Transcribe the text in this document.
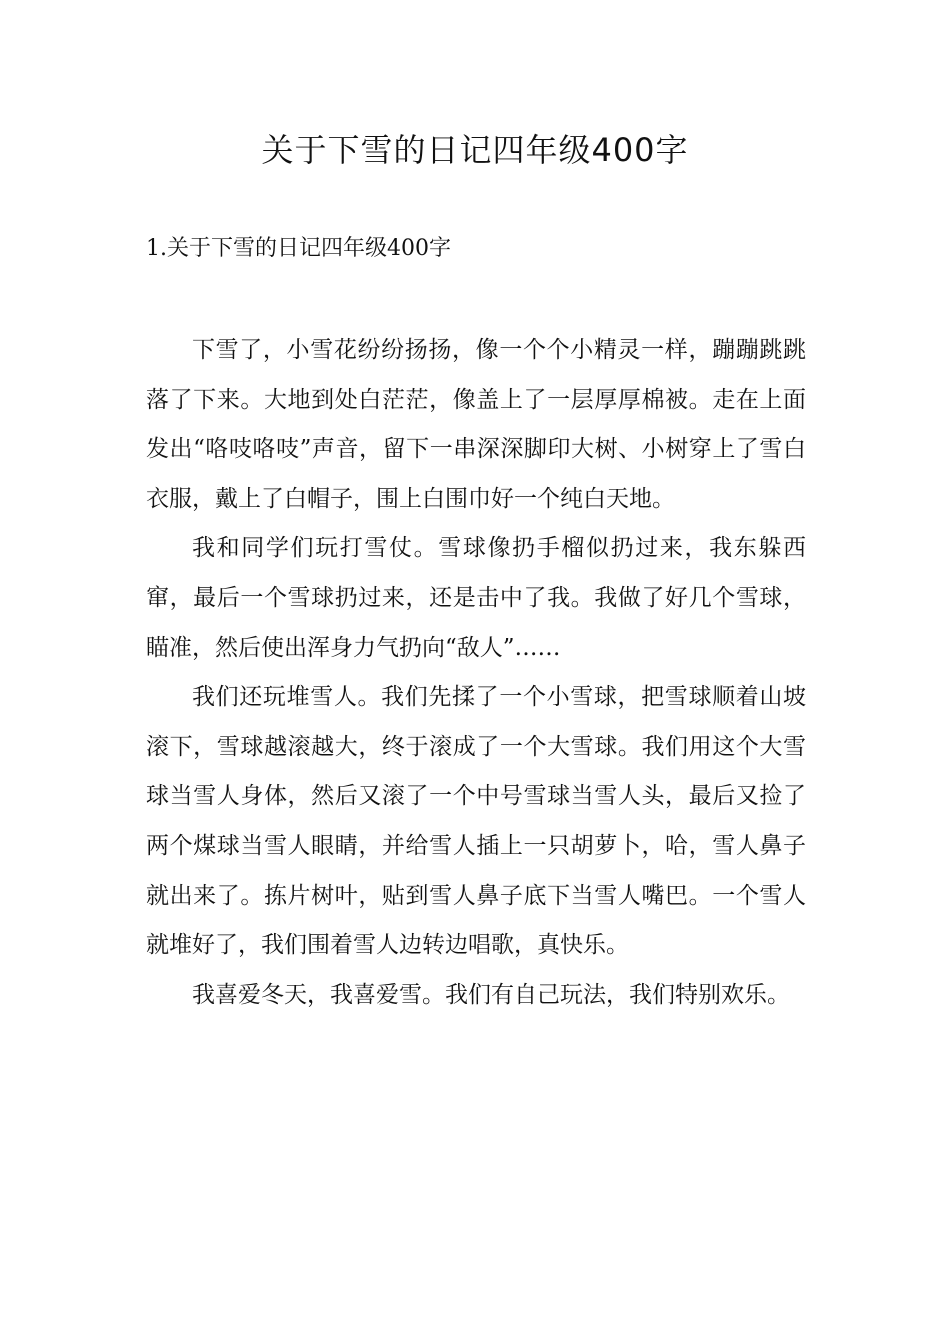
关于下雪的日记四年级400字
1.关于下雪的日记四年级400字

下雪了，小雪花纷纷扬扬，像一个个小精灵一样，蹦蹦跳跳落了下来。大地到处白茫茫，像盖上了一层厚厚棉被。走在上面发出“咯吱咯吱”声音，留下一串深深脚印大树、小树穿上了雪白衣服，戴上了白帽子，围上白围巾好一个纯白天地。

我和同学们玩打雪仗。雪球像扔手榴似扔过来，我东躲西窜，最后一个雪球扔过来，还是击中了我。我做了好几个雪球，瞄准，然后使出浑身力气扔向“敌人”……

我们还玩堆雪人。我们先揉了一个小雪球，把雪球顺着山坡滚下，雪球越滚越大，终于滚成了一个大雪球。我们用这个大雪球当雪人身体，然后又滚了一个中号雪球当雪人头，最后又捡了两个煤球当雪人眼睛，并给雪人插上一只胡萝卜，哈，雪人鼻子就出来了。拣片树叶，贴到雪人鼻子底下当雪人嘴巴。一个雪人就堆好了，我们围着雪人边转边唱歌，真快乐。

我喜爱冬天，我喜爱雪。我们有自己玩法，我们特别欢乐。
